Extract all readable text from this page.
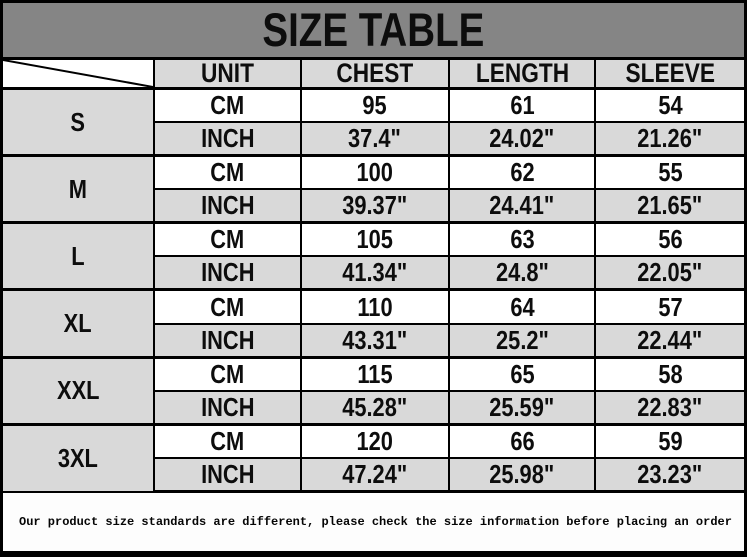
SIZE TABLE
	UNIT	CHEST	LENGTH	SLEEVE
S	CM	95	61	54
	INCH	37.4"	24.02"	21.26"
M	CM	100	62	55
	INCH	39.37"	24.41"	21.65"
L	CM	105	63	56
	INCH	41.34"	24.8"	22.05"
XL	CM	110	64	57
	INCH	43.31"	25.2"	22.44"
XXL	CM	115	65	58
	INCH	45.28"	25.59"	22.83"
3XL	CM	120	66	59
	INCH	47.24"	25.98"	23.23"
Our product size standards are different, please check the size information before placing an order
